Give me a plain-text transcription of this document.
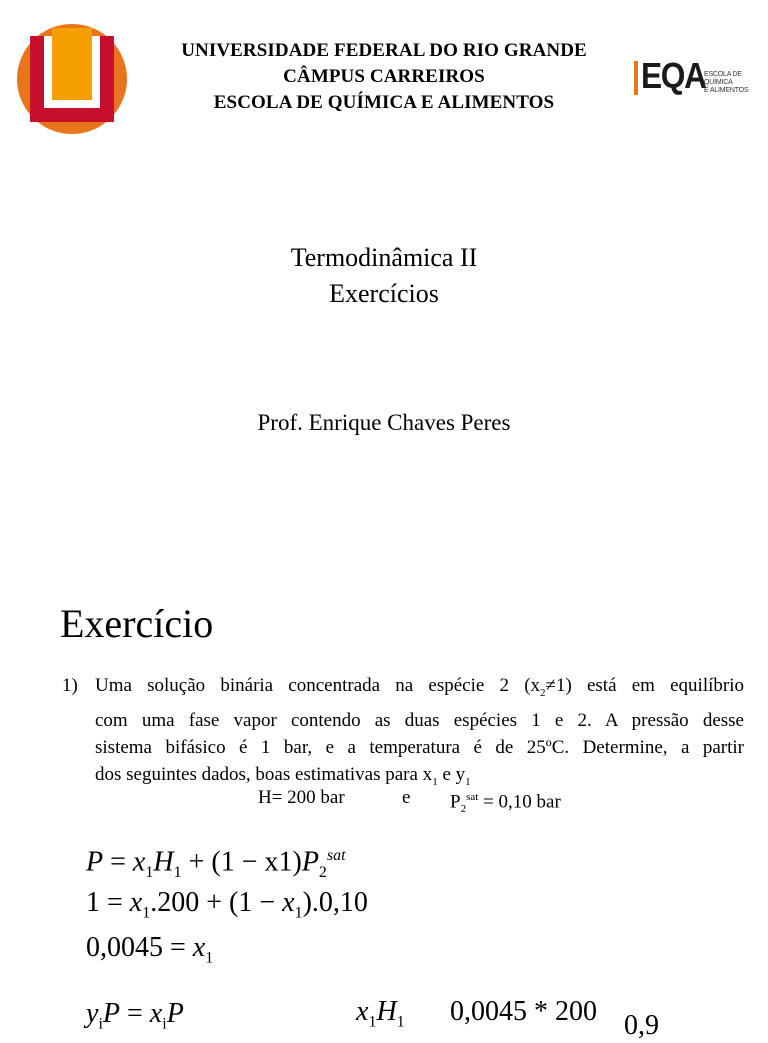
UNIVERSIDADE FEDERAL DO RIO GRANDE
CÂMPUS CARREIROS
ESCOLA DE QUÍMICA E ALIMENTOS
EQA
ESCOLA DE QUÍMICA
E ALIMENTOS
Termodinâmica II
Exercícios
Prof. Enrique Chaves Peres
Exercício
1) Uma solução binária concentrada na espécie 2 $(x_2\ne 1)$ está em equilíbrio
com uma fase vapor contendo as duas espécies 1 e 2. A pressão desse
sistema bifásico é 1 bar, e a temperatura é de 25ºC. Determine, a partir
dos seguintes dados, boas estimativas para $x_1$ e $y_1$
H= 200 bar	e $P_2^{sat} = 0,10$ bar
$P = x_1H_1 + (1 - x1)P_2^{sat}$
$1 = x_1.200 + (1 - x_1).0,10$
$0,0045 = x_1$
$y_iP = x_iP$	$x_1H_1$ 0,0045 * 200 0,9
